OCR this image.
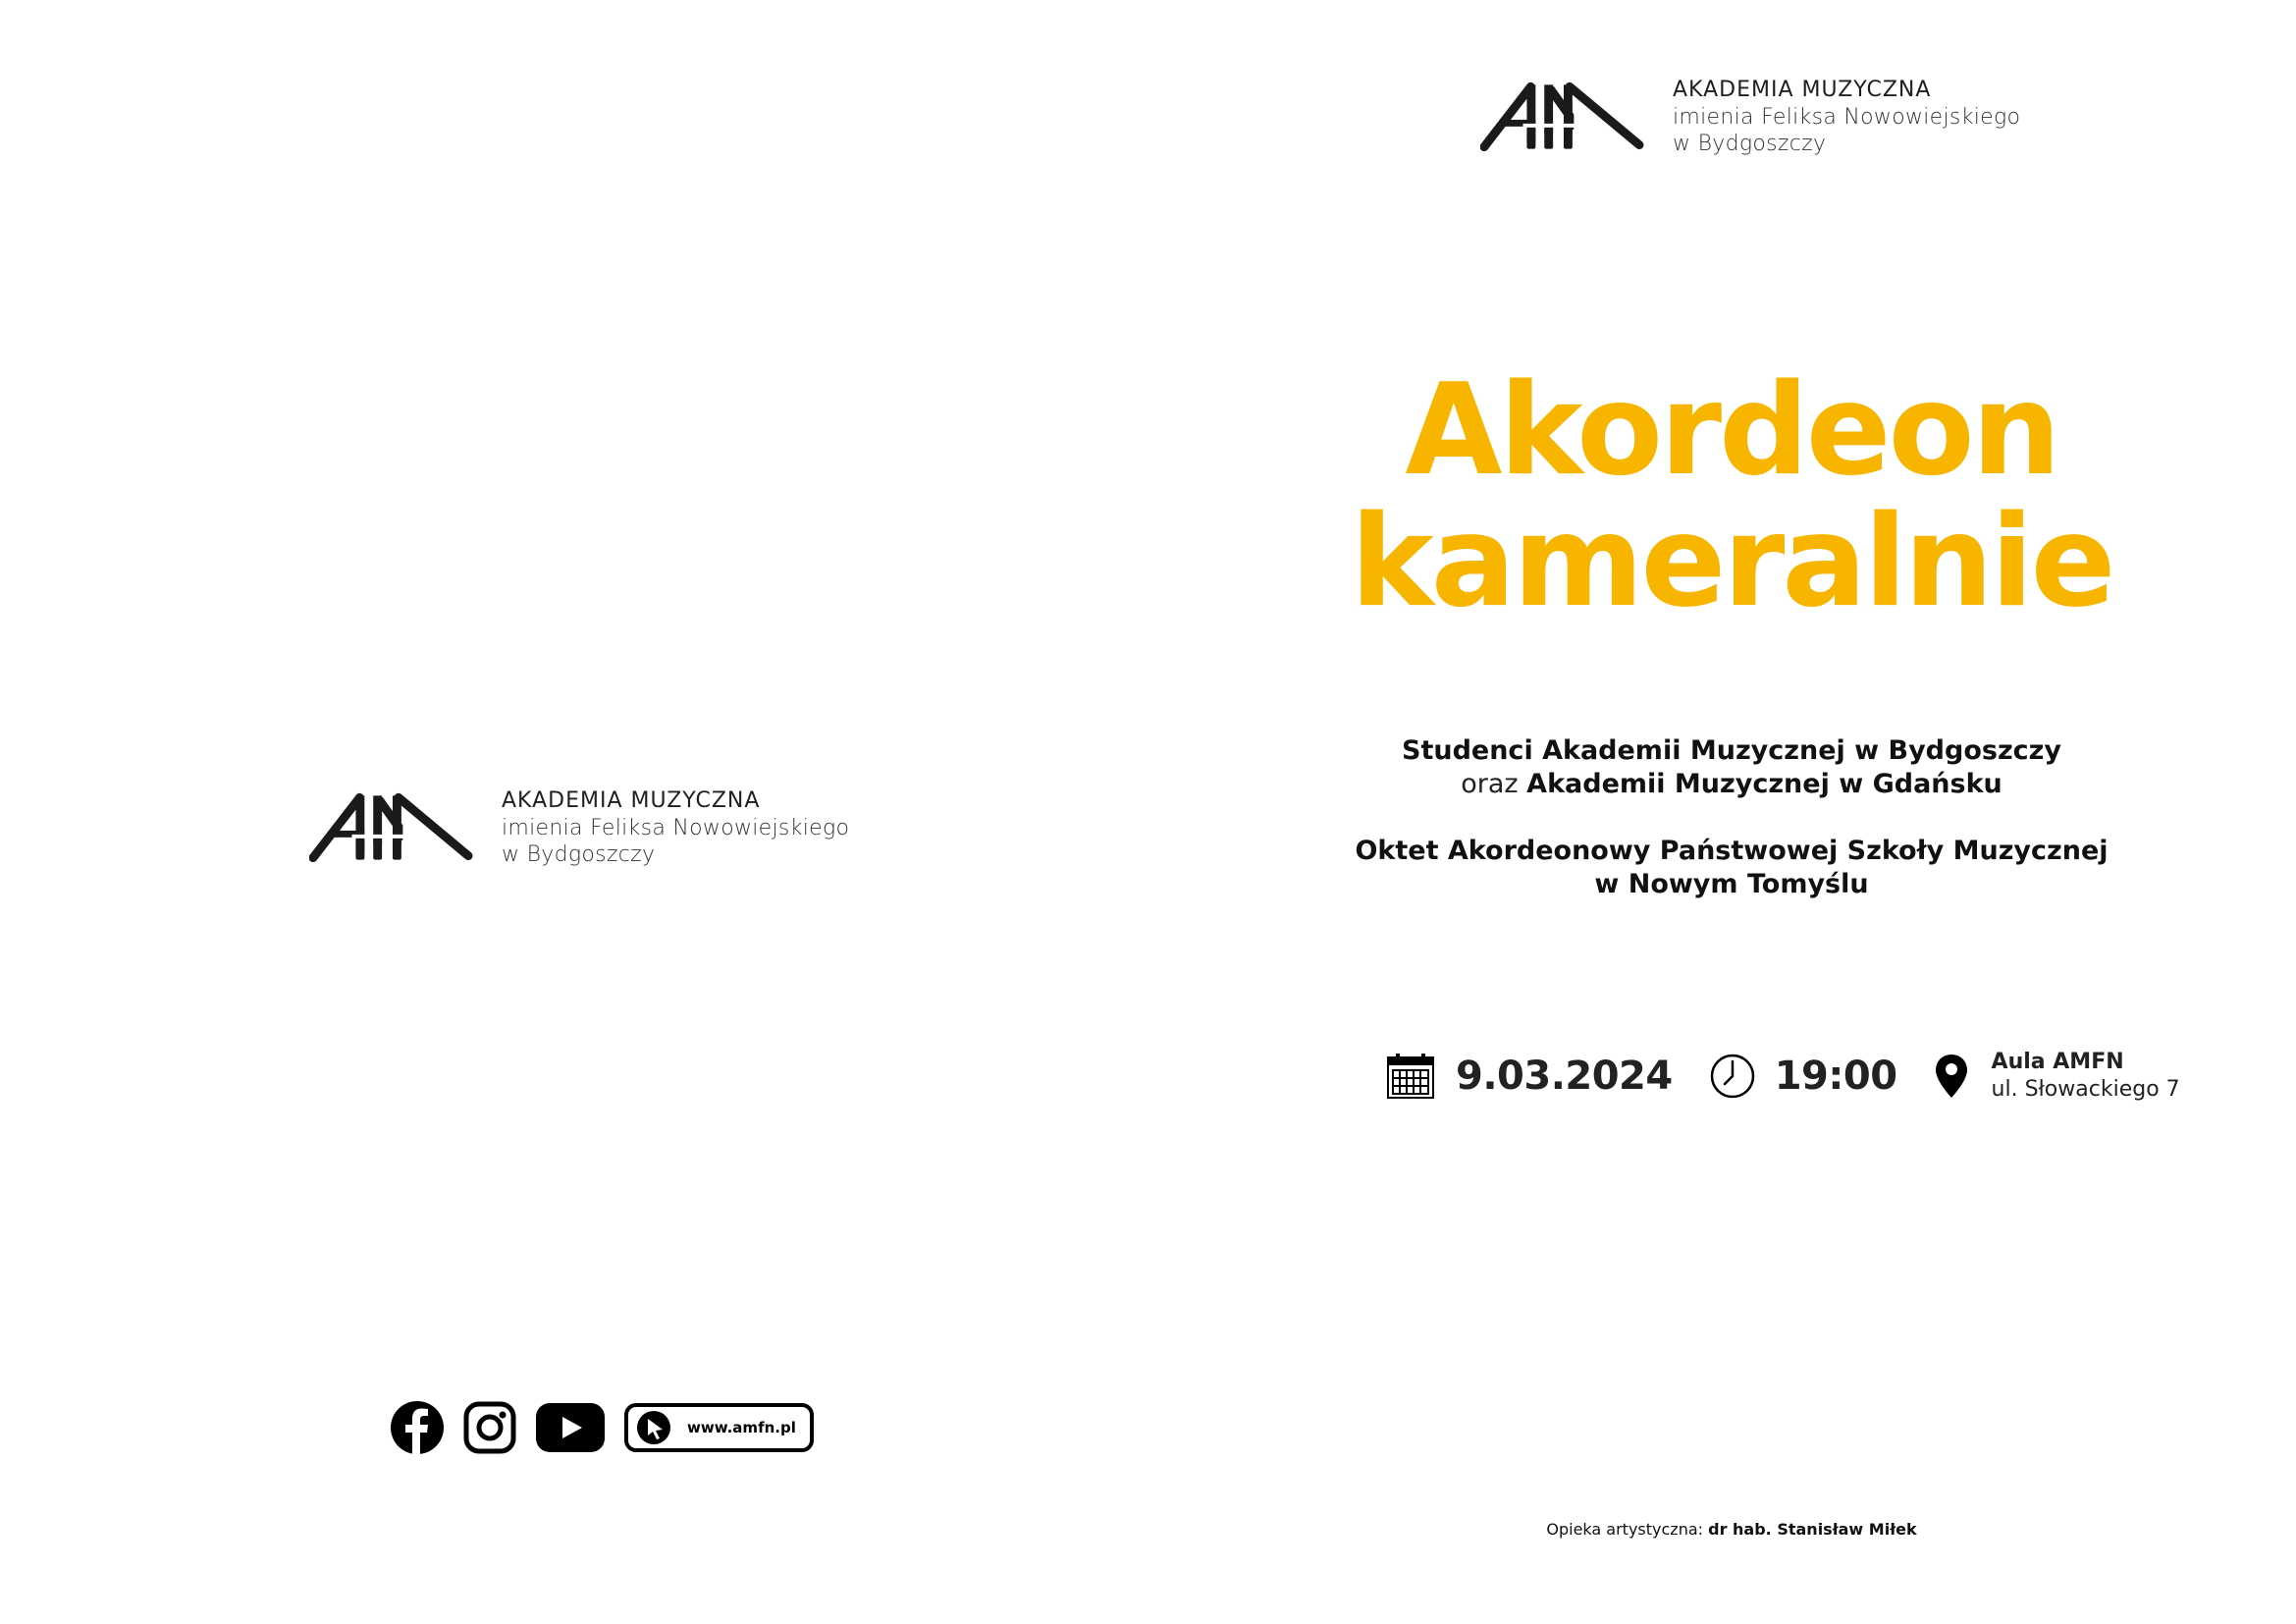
AKADEMIA MUZYCZNA
imienia Feliksa Nowowiejskiego
w Bydgoszczy
www.amfn.pl
AKADEMIA MUZYCZNA
imienia Feliksa Nowowiejskiego
w Bydgoszczy
Akordeon
kameralnie
Studenci Akademii Muzycznej w Bydgoszczy
oraz Akademii Muzycznej w Gdańsku
Oktet Akordeonowy Państwowej Szkoły Muzycznej
w Nowym Tomyślu
9.03.2024	19:00	Aula AMFN
ul. Słowackiego 7
Opieka artystyczna: dr hab. Stanisław Miłek
